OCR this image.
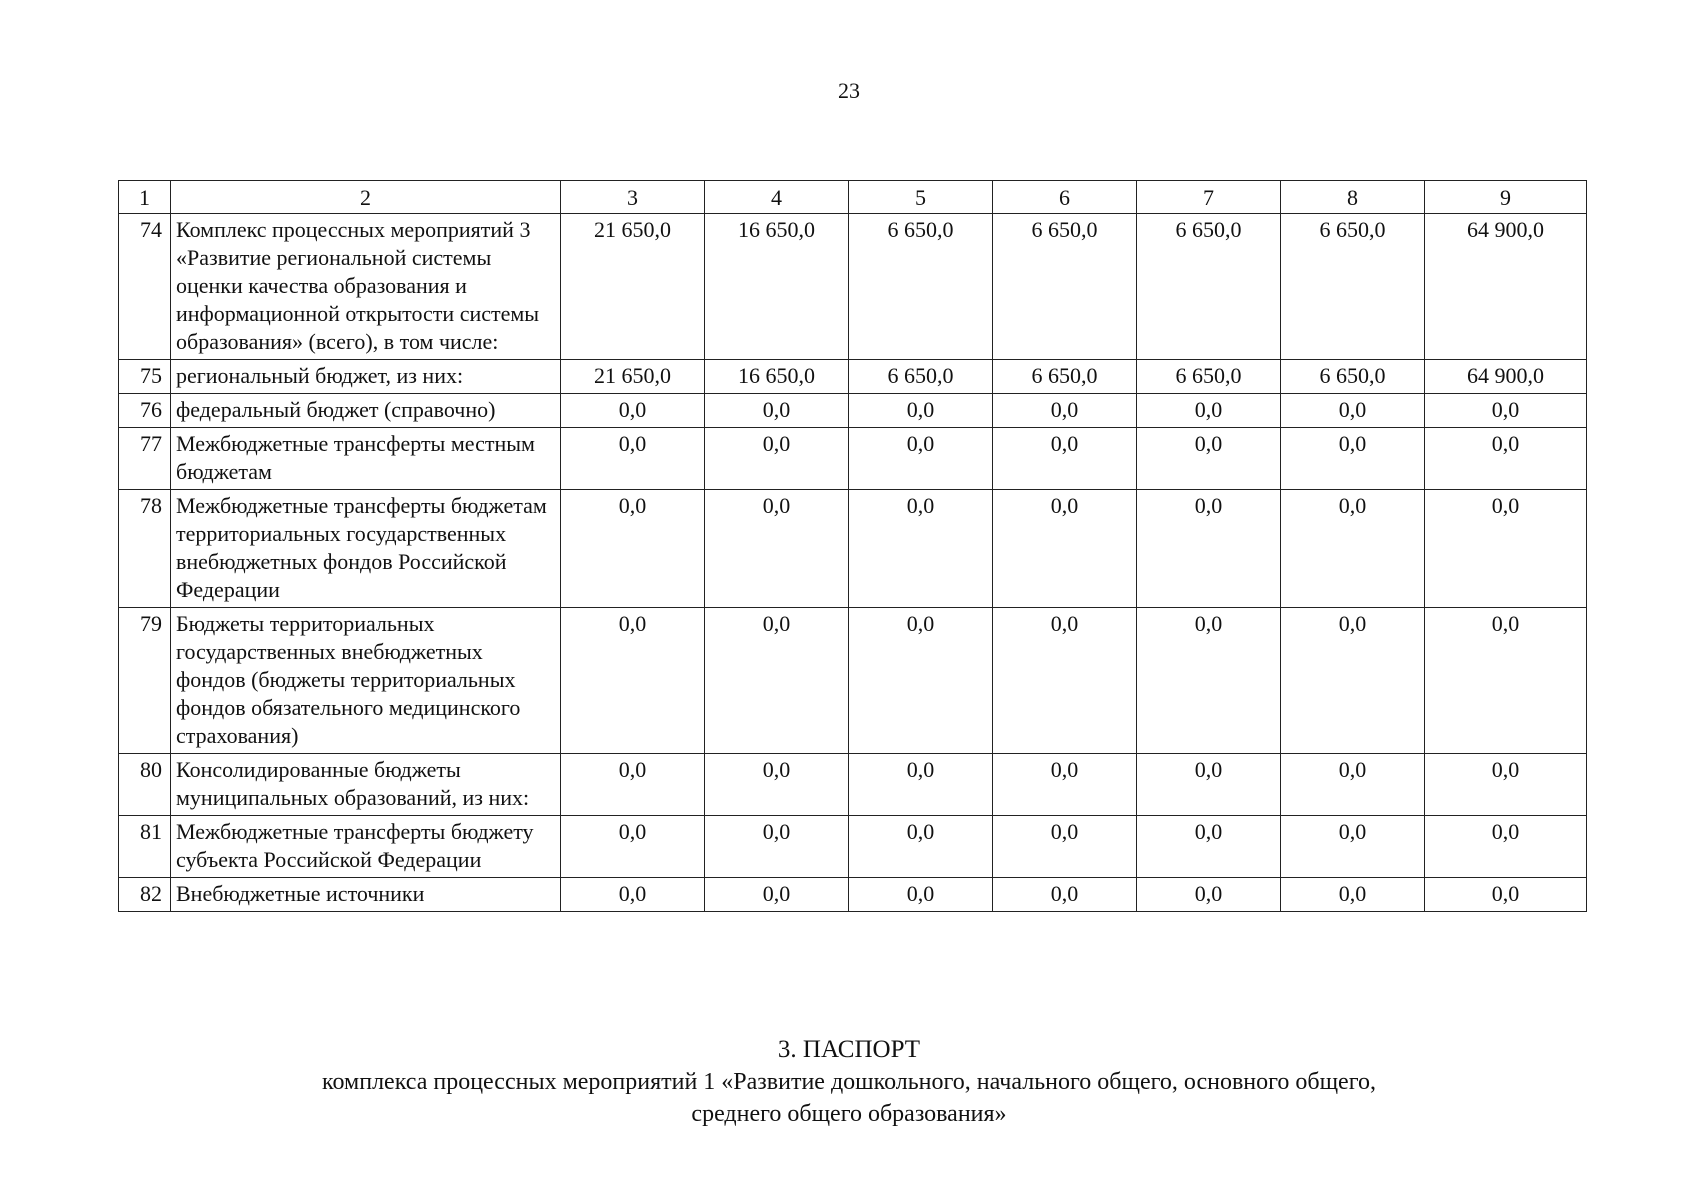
23
1	2	3	4	5	6	7	8	9
74	Комплекс процессных мероприятий 3 «Развитие региональной системы оценки качества образования и информационной открытости системы образования» (всего), в том числе:	21 650,0	16 650,0	6 650,0	6 650,0	6 650,0	6 650,0	64 900,0
75	региональный бюджет, из них:	21 650,0	16 650,0	6 650,0	6 650,0	6 650,0	6 650,0	64 900,0
76	федеральный бюджет (справочно)	0,0	0,0	0,0	0,0	0,0	0,0	0,0
77	Межбюджетные трансферты местным бюджетам	0,0	0,0	0,0	0,0	0,0	0,0	0,0
78	Межбюджетные трансферты бюджетам территориальных государственных внебюджетных фондов Российской Федерации	0,0	0,0	0,0	0,0	0,0	0,0	0,0
79	Бюджеты территориальных государственных внебюджетных фондов (бюджеты территориальных фондов обязательного медицинского страхования)	0,0	0,0	0,0	0,0	0,0	0,0	0,0
80	Консолидированные бюджеты муниципальных образований, из них:	0,0	0,0	0,0	0,0	0,0	0,0	0,0
81	Межбюджетные трансферты бюджету субъекта Российской Федерации	0,0	0,0	0,0	0,0	0,0	0,0	0,0
82	Внебюджетные источники	0,0	0,0	0,0	0,0	0,0	0,0	0,0
3. ПАСПОРТ
комплекса процессных мероприятий 1 «Развитие дошкольного, начального общего, основного общего,
среднего общего образования»
